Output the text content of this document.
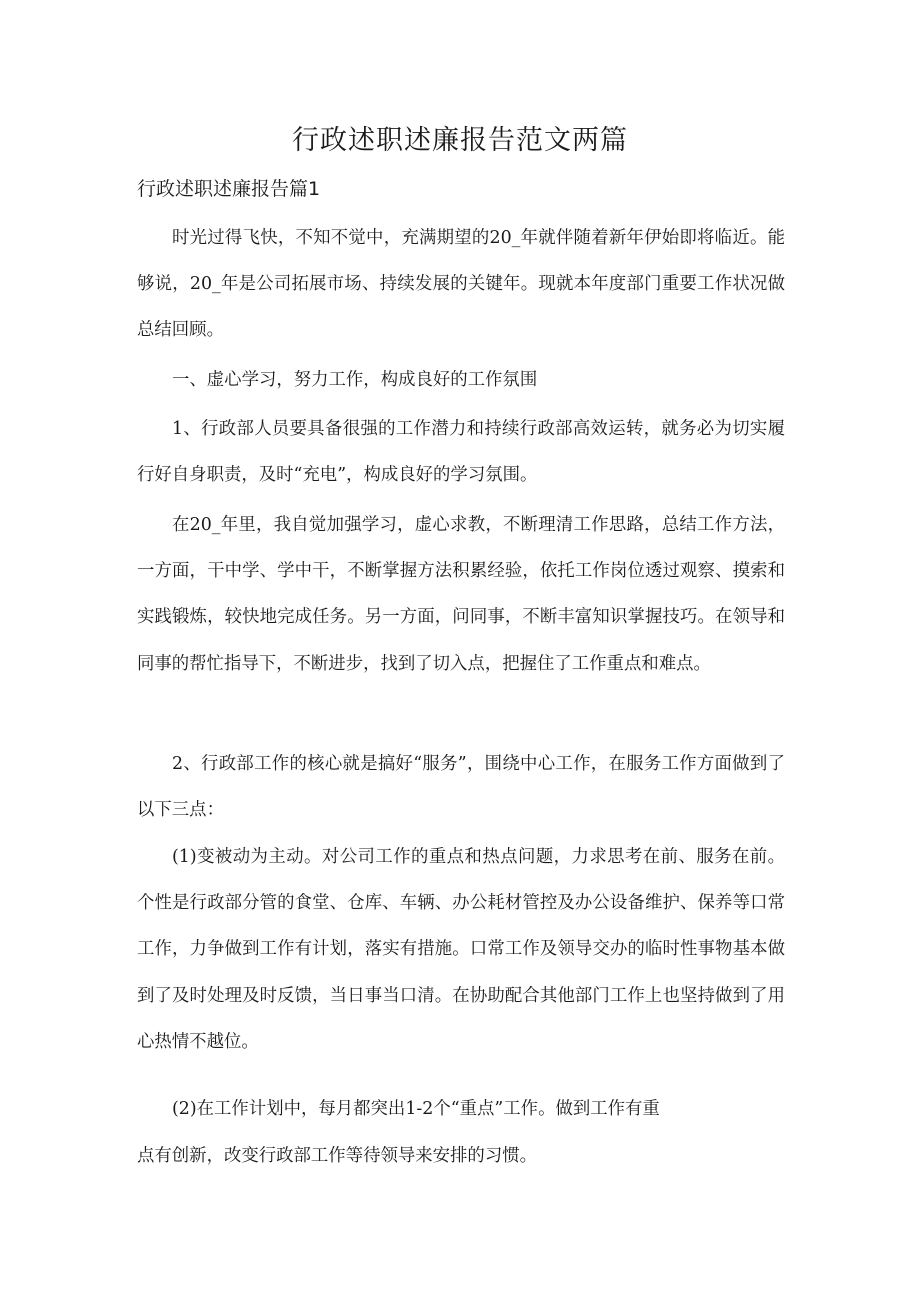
行政述职述廉报告范文两篇
行政述职述廉报告篇1

时光过得飞快，不知不觉中，充满期望的20_年就伴随着新年伊始即将临近。能够说，20_年是公司拓展市场、持续发展的关键年。现就本年度部门重要工作状况做总结回顾。

一、虚心学习，努力工作，构成良好的工作氛围

1、行政部人员要具备很强的工作潜力和持续行政部高效运转，就务必为切实履行好自身职责，及时“充电”，构成良好的学习氛围。

在20_年里，我自觉加强学习，虚心求教，不断理清工作思路，总结工作方法，一方面，干中学、学中干，不断掌握方法积累经验，依托工作岗位透过观察、摸索和实践锻炼，较快地完成任务。另一方面，问同事，不断丰富知识掌握技巧。在领导和同事的帮忙指导下，不断进步，找到了切入点，把握住了工作重点和难点。

2、行政部工作的核心就是搞好“服务”，围绕中心工作，在服务工作方面做到了以下三点：

(1)变被动为主动。对公司工作的重点和热点问题，力求思考在前、服务在前。个性是行政部分管的食堂、仓库、车辆、办公耗材管控及办公设备维护、保养等口常工作，力争做到工作有计划，落实有措施。口常工作及领导交办的临时性事物基本做到了及时处理及时反馈，当日事当口清。在协助配合其他部门工作上也坚持做到了用心热情不越位。

(2)在工作计划中，每月都突出1-2个“重点”工作。做到工作有重

点有创新，改变行政部工作等待领导来安排的习惯。
